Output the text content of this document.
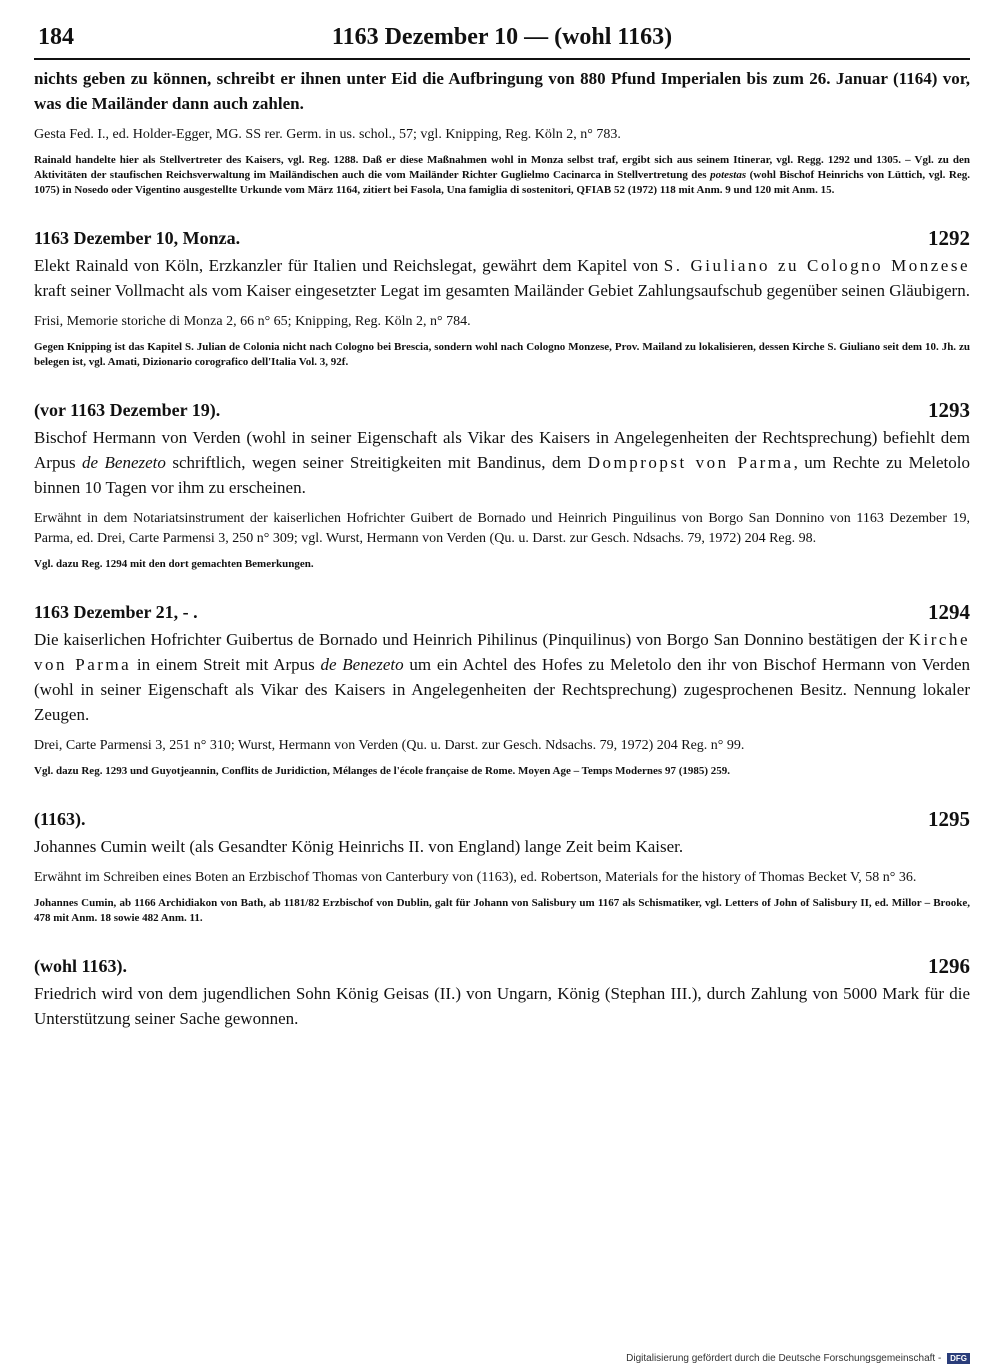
184	1163 Dezember 10 — (wohl 1163)

nichts geben zu können, schreibt er ihnen unter Eid die Aufbringung von 880 Pfund Imperialen bis zum 26. Januar (1164) vor, was die Mailänder dann auch zahlen.

Gesta Fed. I., ed. Holder-Egger, MG. SS rer. Germ. in us. schol., 57; vgl. Knipping, Reg. Köln 2, n° 783.

Rainald handelte hier als Stellvertreter des Kaisers, vgl. Reg. 1288. Daß er diese Maßnahmen wohl in Monza selbst traf, ergibt sich aus seinem Itinerar, vgl. Regg. 1292 und 1305. – Vgl. zu den Aktivitäten der staufischen Reichsverwaltung im Mailändischen auch die vom Mailänder Richter Guglielmo Cacinarca in Stellvertretung des potestas (wohl Bischof Heinrichs von Lüttich, vgl. Reg. 1075) in Nosedo oder Vigentino ausgestellte Urkunde vom März 1164, zitiert bei Fasola, Una famiglia di sostenitori, QFIAB 52 (1972) 118 mit Anm. 9 und 120 mit Anm. 15.

1163 Dezember 10, Monza.	1292

Elekt Rainald von Köln, Erzkanzler für Italien und Reichslegat, gewährt dem Kapitel von S. Giuliano zu Cologno Monzese kraft seiner Vollmacht als vom Kaiser eingesetzter Legat im gesamten Mailänder Gebiet Zahlungsaufschub gegenüber seinen Gläubigern.

Frisi, Memorie storiche di Monza 2, 66 n° 65; Knipping, Reg. Köln 2, n° 784.

Gegen Knipping ist das Kapitel S. Julian de Colonia nicht nach Cologno bei Brescia, sondern wohl nach Cologno Monzese, Prov. Mailand zu lokalisieren, dessen Kirche S. Giuliano seit dem 10. Jh. zu belegen ist, vgl. Amati, Dizionario corografico dell'Italia Vol. 3, 92f.

(vor 1163 Dezember 19).	1293

Bischof Hermann von Verden (wohl in seiner Eigenschaft als Vikar des Kaisers in Angelegenheiten der Rechtsprechung) befiehlt dem Arpus de Benezeto schriftlich, wegen seiner Streitigkeiten mit Bandinus, dem Dompropst von Parma, um Rechte zu Meletolo binnen 10 Tagen vor ihm zu erscheinen.

Erwähnt in dem Notariatsinstrument der kaiserlichen Hofrichter Guibert de Bornado und Heinrich Pinguilinus von Borgo San Donnino von 1163 Dezember 19, Parma, ed. Drei, Carte Parmensi 3, 250 n° 309; vgl. Wurst, Hermann von Verden (Qu. u. Darst. zur Gesch. Ndsachs. 79, 1972) 204 Reg. 98.

Vgl. dazu Reg. 1294 mit den dort gemachten Bemerkungen.

1163 Dezember 21, - .	1294

Die kaiserlichen Hofrichter Guibertus de Bornado und Heinrich Pihilinus (Pinquilinus) von Borgo San Donnino bestätigen der Kirche von Parma in einem Streit mit Arpus de Benezeto um ein Achtel des Hofes zu Meletolo den ihr von Bischof Hermann von Verden (wohl in seiner Eigenschaft als Vikar des Kaisers in Angelegenheiten der Rechtsprechung) zugesprochenen Besitz. Nennung lokaler Zeugen.

Drei, Carte Parmensi 3, 251 n° 310; Wurst, Hermann von Verden (Qu. u. Darst. zur Gesch. Ndsachs. 79, 1972) 204 Reg. n° 99.

Vgl. dazu Reg. 1293 und Guyotjeannin, Conflits de Juridiction, Mélanges de l'école française de Rome. Moyen Age – Temps Modernes 97 (1985) 259.

(1163).	1295

Johannes Cumin weilt (als Gesandter König Heinrichs II. von England) lange Zeit beim Kaiser.

Erwähnt im Schreiben eines Boten an Erzbischof Thomas von Canterbury von (1163), ed. Robertson, Materials for the history of Thomas Becket V, 58 n° 36.

Johannes Cumin, ab 1166 Archidiakon von Bath, ab 1181/82 Erzbischof von Dublin, galt für Johann von Salisbury um 1167 als Schismatiker, vgl. Letters of John of Salisbury II, ed. Millor – Brooke, 478 mit Anm. 18 sowie 482 Anm. 11.

(wohl 1163).	1296

Friedrich wird von dem jugendlichen Sohn König Geisas (II.) von Ungarn, König (Stephan III.), durch Zahlung von 5000 Mark für die Unterstützung seiner Sache gewonnen.

Digitalisierung gefördert durch die Deutsche Forschungsgemeinschaft - DFG
